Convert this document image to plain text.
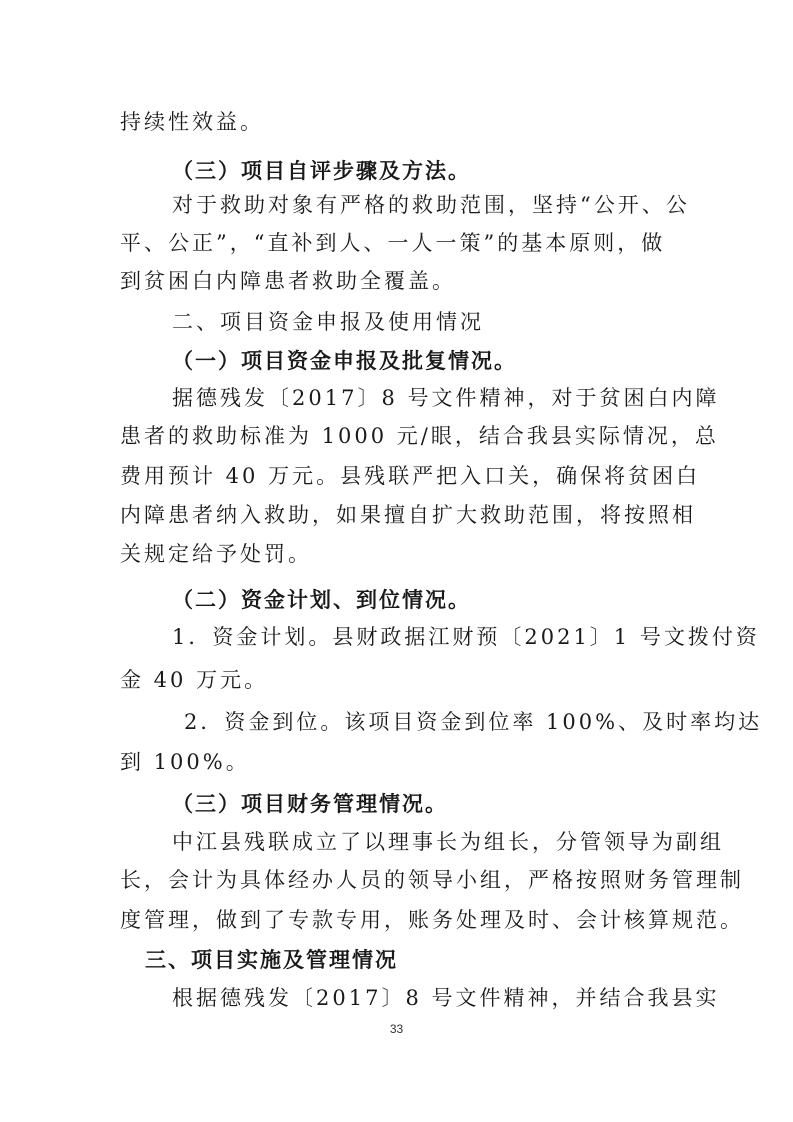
持续性效益。

（三）项目自评步骤及方法。

对于救助对象有严格的救助范围，坚持“公开、公

平、公正”，“直补到人、一人一策”的基本原则，做

到贫困白内障患者救助全覆盖。

二、项目资金申报及使用情况

（一）项目资金申报及批复情况。

据德残发〔2017〕8 号文件精神，对于贫困白内障

患者的救助标准为 1000 元/眼，结合我县实际情况，总

费用预计 40 万元。县残联严把入口关，确保将贫困白

内障患者纳入救助，如果擅自扩大救助范围，将按照相

关规定给予处罚。

（二）资金计划、到位情况。

1．资金计划。县财政据江财预〔2021〕1 号文拨付资

金 40 万元。

2．资金到位。该项目资金到位率 100%、及时率均达

到 100%。

（三）项目财务管理情况。

中江县残联成立了以理事长为组长，分管领导为副组

长，会计为具体经办人员的领导小组，严格按照财务管理制

度管理，做到了专款专用，账务处理及时、会计核算规范。

三、项目实施及管理情况

根据德残发〔2017〕8 号文件精神，并结合我县实

33
